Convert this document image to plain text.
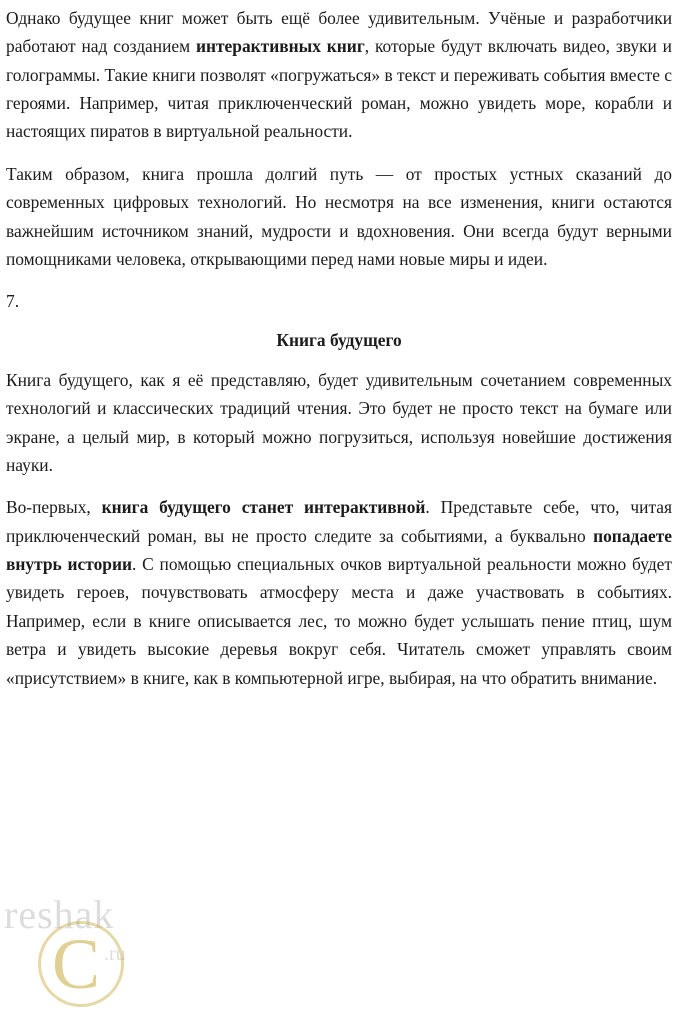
Однако будущее книг может быть ещё более удивительным. Учёные и разработчики работают над созданием интерактивных книг, которые будут включать видео, звуки и голограммы. Такие книги позволят «погружаться» в текст и переживать события вместе с героями. Например, читая приключенческий роман, можно увидеть море, корабли и настоящих пиратов в виртуальной реальности.

Таким образом, книга прошла долгий путь — от простых устных сказаний до современных цифровых технологий. Но несмотря на все изменения, книги остаются важнейшим источником знаний, мудрости и вдохновения. Они всегда будут верными помощниками человека, открывающими перед нами новые миры и идеи.

7.
Книга будущего

Книга будущего, как я её представляю, будет удивительным сочетанием современных технологий и классических традиций чтения. Это будет не просто текст на бумаге или экране, а целый мир, в который можно погрузиться, используя новейшие достижения науки.

Во-первых, книга будущего станет интерактивной. Представьте себе, что, читая приключенческий роман, вы не просто следите за событиями, а буквально попадаете внутрь истории. С помощью специальных очков виртуальной реальности можно будет увидеть героев, почувствовать атмосферу места и даже участвовать в событиях. Например, если в книге описывается лес, то можно будет услышать пение птиц, шум ветра и увидеть высокие деревья вокруг себя. Читатель сможет управлять своим «присутствием» в книге, как в компьютерной игре, выбирая, на что обратить внимание.

reshak
C .ru
